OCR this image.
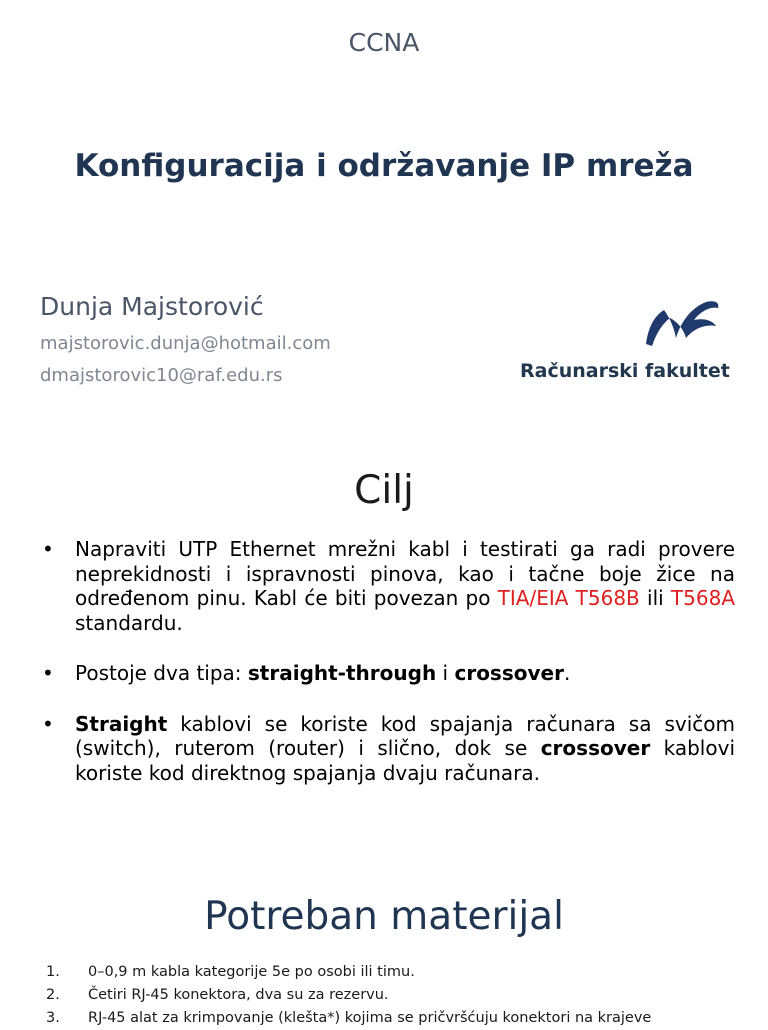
CCNA
Konfiguracija i održavanje IP mreža
Dunja Majstorović
majstorovic.dunja@hotmail.com
dmajstorovic10@raf.edu.rs	Računarski fakultet
Cilj
• Napraviti UTP Ethernet mrežni kabl i testirati ga radi provere neprekidnosti i ispravnosti pinova, kao i tačne boje žice na određenom pinu. Kabl će biti povezan po TIA/EIA T568B ili T568A standardu.
• Postoje dva tipa: straight-through i crossover.
• Straight kablovi se koriste kod spajanja računara sa svičom (switch), ruterom (router) i slično, dok se crossover kablovi koriste kod direktnog spajanja dvaju računara.
Potreban materijal
1. 0–0,9 m kabla kategorije 5e po osobi ili timu.
2. Četiri RJ-45 konektora, dva su za rezervu.
3. RJ-45 alat za krimpovanje (klešta*) kojima se pričvršćuju konektori na krajeve
